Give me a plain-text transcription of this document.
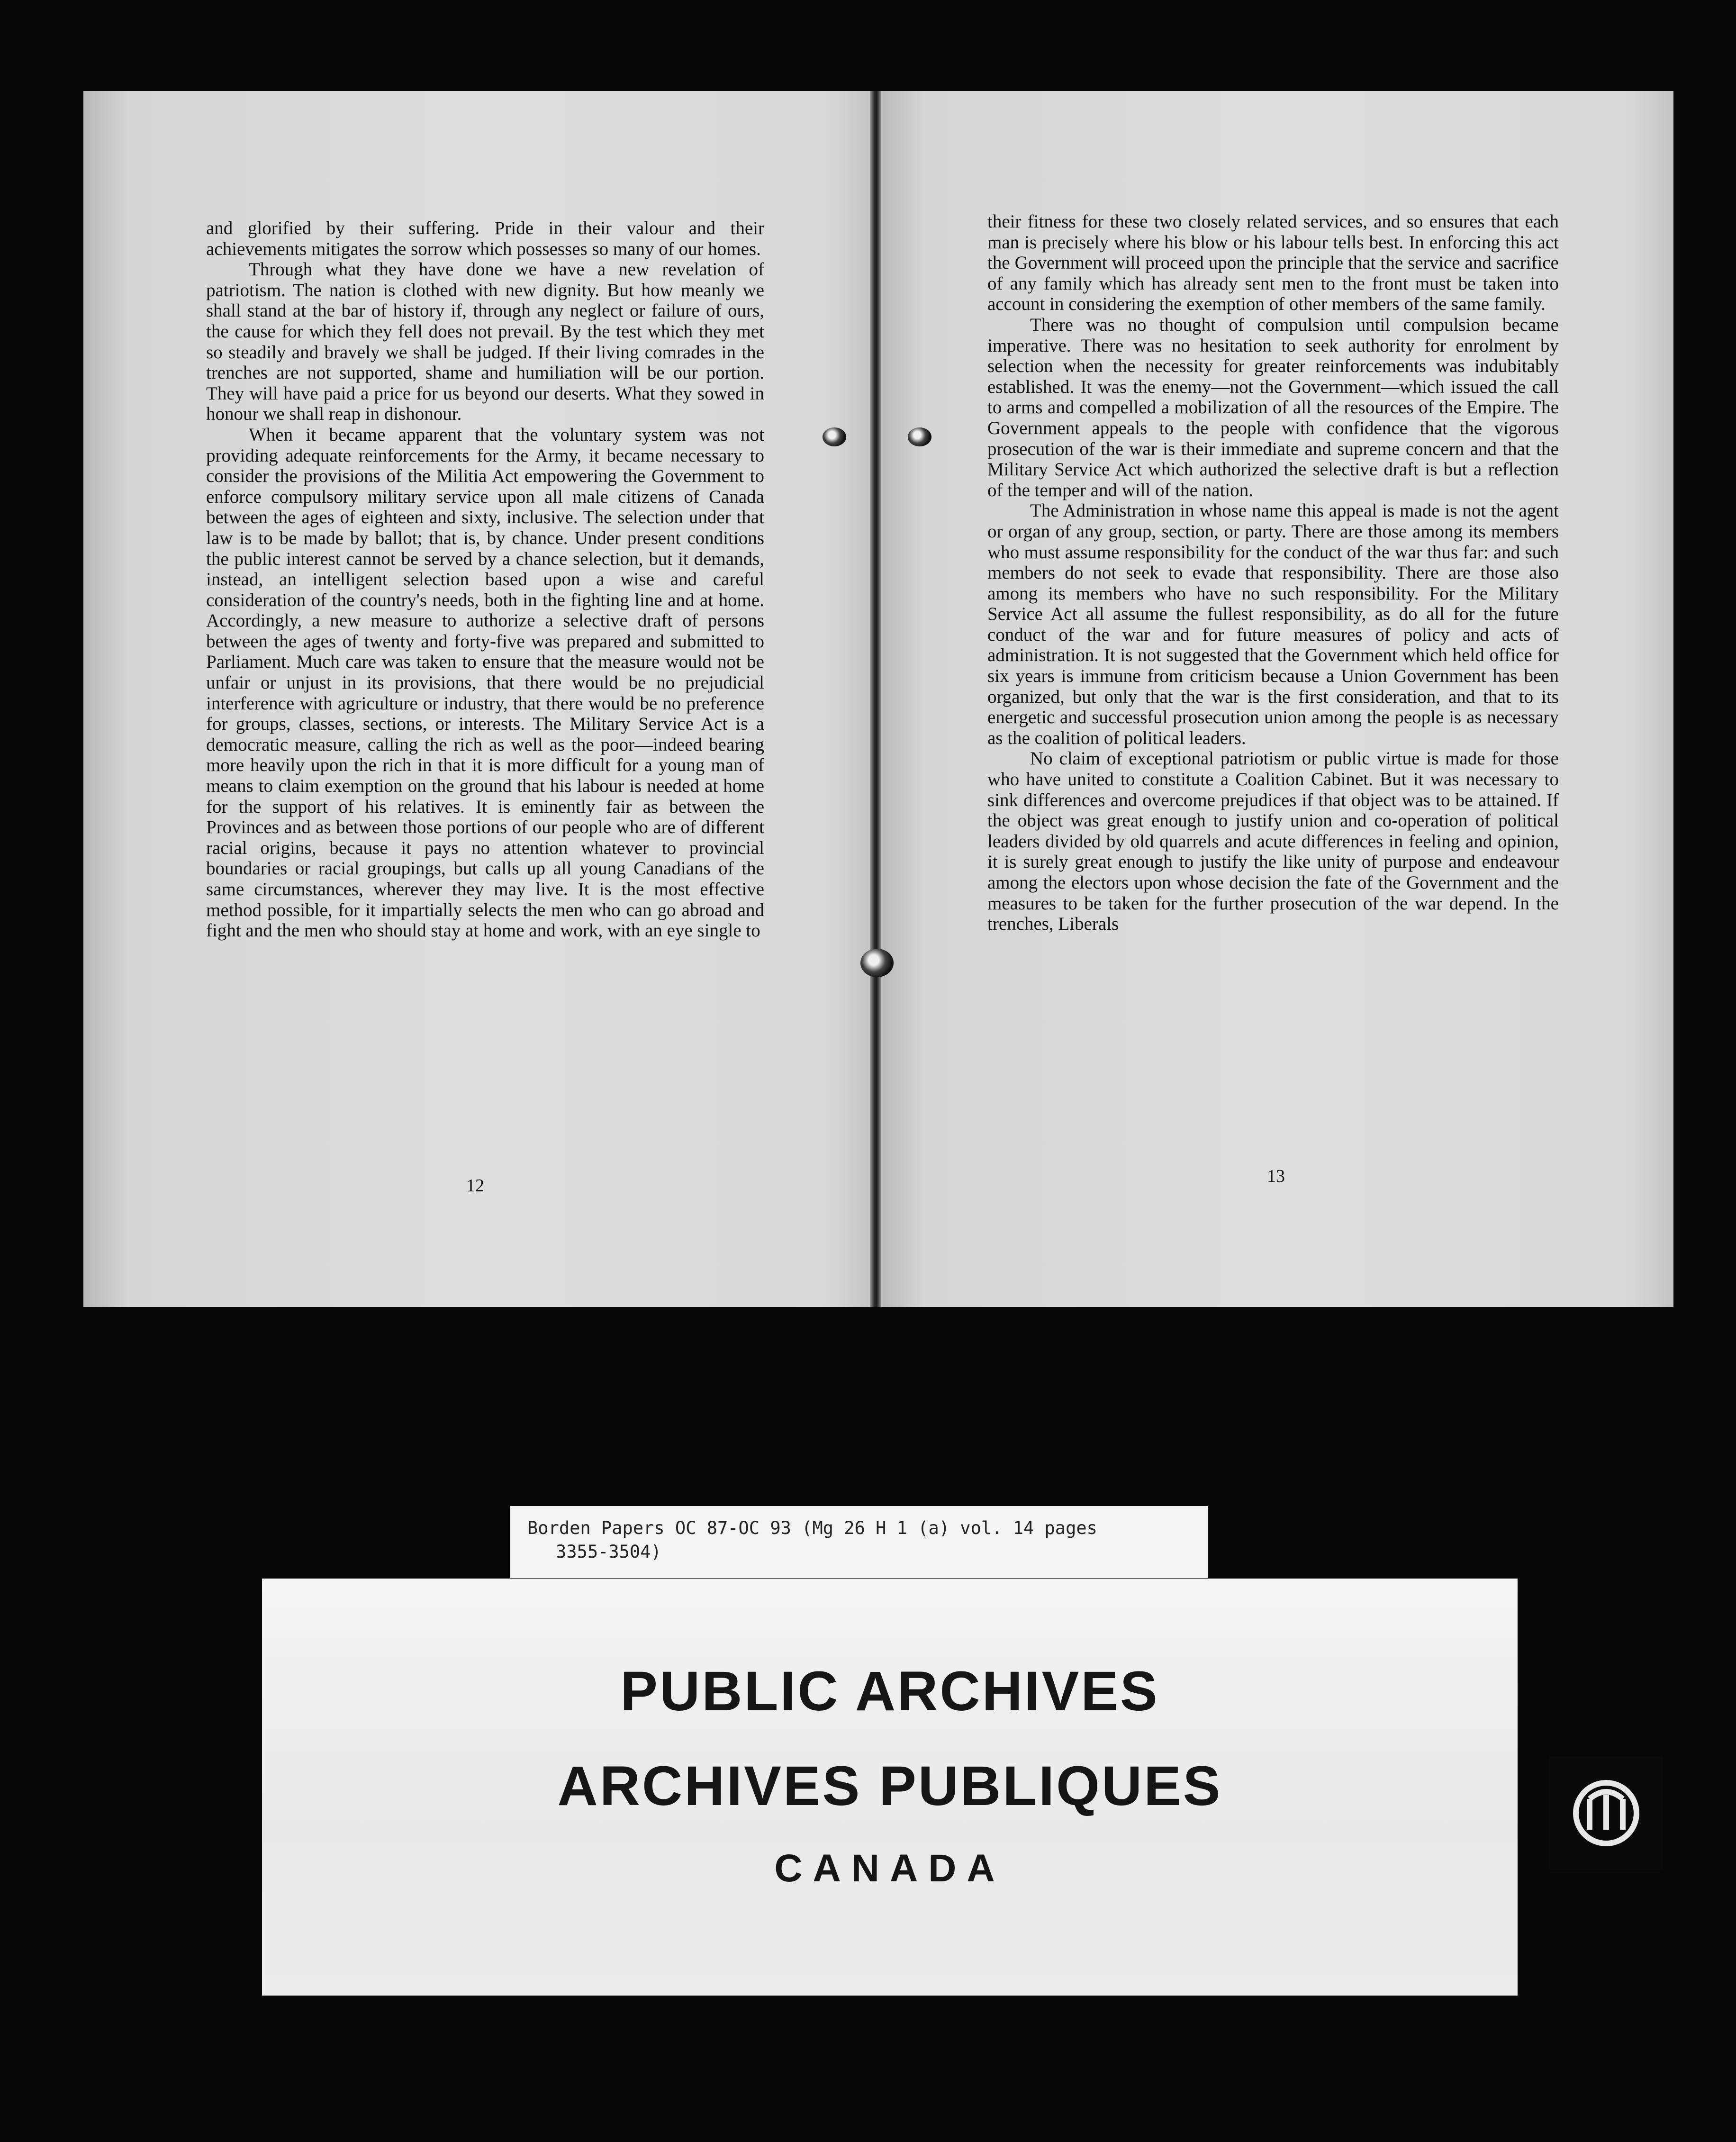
and glorified by their suffering. Pride in their valour and their achievements mitigates the sorrow which possesses so many of our homes.

Through what they have done we have a new revelation of patriotism. The nation is clothed with new dignity. But how meanly we shall stand at the bar of history if, through any neglect or failure of ours, the cause for which they fell does not prevail. By the test which they met so steadily and bravely we shall be judged. If their living comrades in the trenches are not supported, shame and humiliation will be our portion. They will have paid a price for us beyond our deserts. What they sowed in honour we shall reap in dishonour.

When it became apparent that the voluntary system was not providing adequate reinforcements for the Army, it became necessary to consider the provisions of the Militia Act empowering the Government to enforce compulsory military service upon all male citizens of Canada between the ages of eighteen and sixty, inclusive. The selection under that law is to be made by ballot; that is, by chance. Under present conditions the public interest cannot be served by a chance selection, but it demands, instead, an intelligent selection based upon a wise and careful consideration of the country's needs, both in the fighting line and at home. Accordingly, a new measure to authorize a selective draft of persons between the ages of twenty and forty-five was prepared and submitted to Parliament. Much care was taken to ensure that the measure would not be unfair or unjust in its provisions, that there would be no prejudicial interference with agriculture or industry, that there would be no preference for groups, classes, sections, or interests. The Military Service Act is a democratic measure, calling the rich as well as the poor—indeed bearing more heavily upon the rich in that it is more difficult for a young man of means to claim exemption on the ground that his labour is needed at home for the support of his relatives. It is eminently fair as between the Provinces and as between those portions of our people who are of different racial origins, because it pays no attention whatever to provincial boundaries or racial groupings, but calls up all young Canadians of the same circumstances, wherever they may live. It is the most effective method possible, for it impartially selects the men who can go abroad and fight and the men who should stay at home and work, with an eye single to

12

their fitness for these two closely related services, and so ensures that each man is precisely where his blow or his labour tells best. In enforcing this act the Government will proceed upon the principle that the service and sacrifice of any family which has already sent men to the front must be taken into account in considering the exemption of other members of the same family.

There was no thought of compulsion until compulsion became imperative. There was no hesitation to seek authority for enrolment by selection when the necessity for greater reinforcements was indubitably established. It was the enemy—not the Government—which issued the call to arms and compelled a mobilization of all the resources of the Empire. The Government appeals to the people with confidence that the vigorous prosecution of the war is their immediate and supreme concern and that the Military Service Act which authorized the selective draft is but a reflection of the temper and will of the nation.

The Administration in whose name this appeal is made is not the agent or organ of any group, section, or party. There are those among its members who must assume responsibility for the conduct of the war thus far: and such members do not seek to evade that responsibility. There are those also among its members who have no such responsibility. For the Military Service Act all assume the fullest responsibility, as do all for the future conduct of the war and for future measures of policy and acts of administration. It is not suggested that the Government which held office for six years is immune from criticism because a Union Government has been organized, but only that the war is the first consideration, and that to its energetic and successful prosecution union among the people is as necessary as the coalition of political leaders.

No claim of exceptional patriotism or public virtue is made for those who have united to constitute a Coalition Cabinet. But it was necessary to sink differences and overcome prejudices if that object was to be attained. If the object was great enough to justify union and co-operation of political leaders divided by old quarrels and acute differences in feeling and opinion, it is surely great enough to justify the like unity of purpose and endeavour among the electors upon whose decision the fate of the Government and the measures to be taken for the further prosecution of the war depend. In the trenches, Liberals

13
Borden Papers OC 87-OC 93 (Mg 26 H 1 (a) vol. 14 pages
3355-3504)
PUBLIC ARCHIVES
ARCHIVES PUBLIQUES
CANADA
